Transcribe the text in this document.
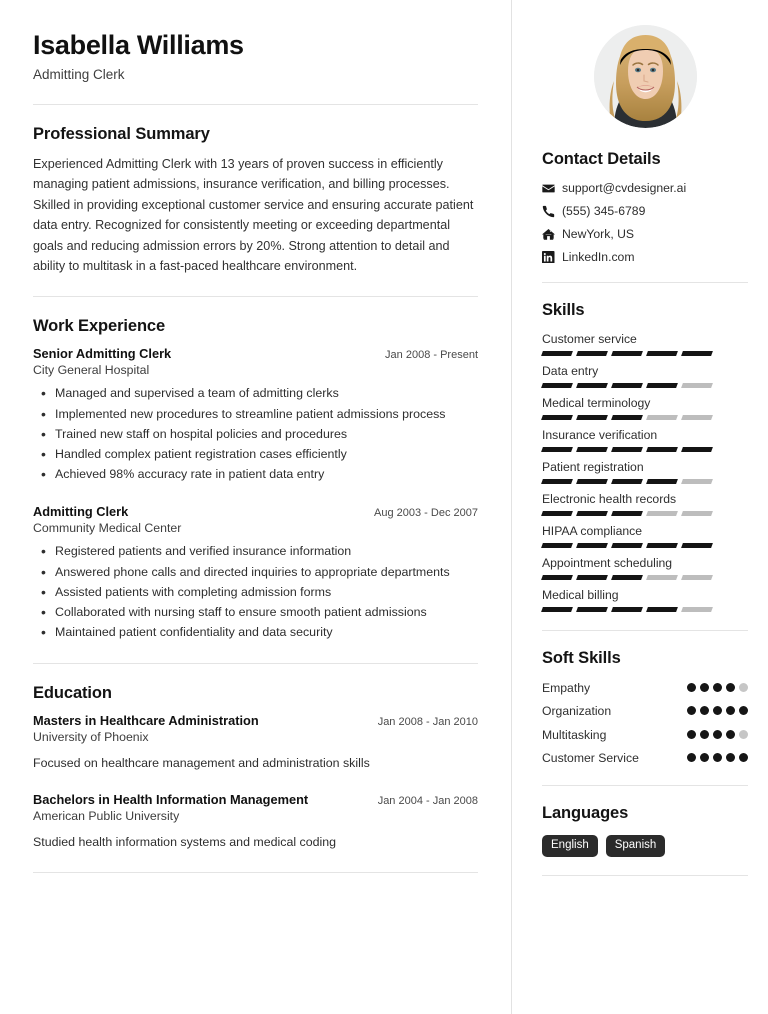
Isabella Williams
Admitting Clerk
Professional Summary
Experienced Admitting Clerk with 13 years of proven success in efficiently managing patient admissions, insurance verification, and billing processes. Skilled in providing exceptional customer service and ensuring accurate patient data entry. Recognized for consistently meeting or exceeding departmental goals and reducing admission errors by 20%. Strong attention to detail and ability to multitask in a fast-paced healthcare environment.
Work Experience
Senior Admitting Clerk	Jan 2008 - Present
City General Hospital
• Managed and supervised a team of admitting clerks
• Implemented new procedures to streamline patient admissions process
• Trained new staff on hospital policies and procedures
• Handled complex patient registration cases efficiently
• Achieved 98% accuracy rate in patient data entry
Admitting Clerk	Aug 2003 - Dec 2007
Community Medical Center
• Registered patients and verified insurance information
• Answered phone calls and directed inquiries to appropriate departments
• Assisted patients with completing admission forms
• Collaborated with nursing staff to ensure smooth patient admissions
• Maintained patient confidentiality and data security
Education
Masters in Healthcare Administration	Jan 2008 - Jan 2010
University of Phoenix
Focused on healthcare management and administration skills
Bachelors in Health Information Management	Jan 2004 - Jan 2008
American Public University
Studied health information systems and medical coding
Contact Details
support@cvdesigner.ai
(555) 345-6789
NewYork, US
LinkedIn.com
Skills
Customer service
Data entry
Medical terminology
Insurance verification
Patient registration
Electronic health records
HIPAA compliance
Appointment scheduling
Medical billing
Soft Skills
Empathy
Organization
Multitasking
Customer Service
Languages
English	Spanish
